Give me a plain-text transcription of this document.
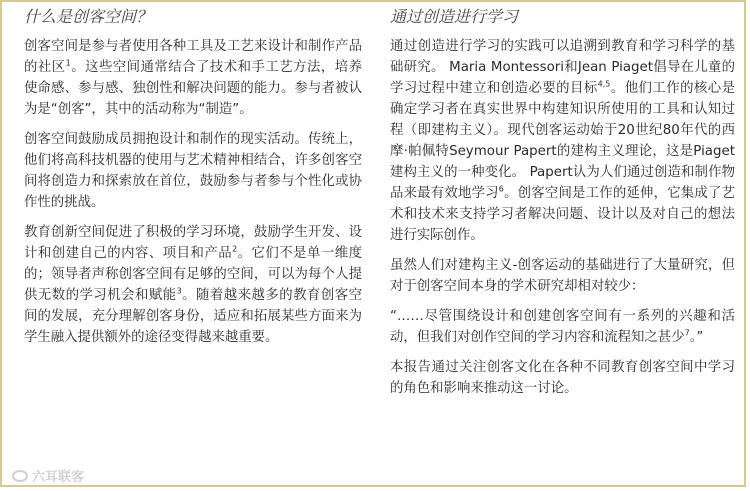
什么是创客空间？

创客空间是参与者使用各种工具及工艺来设计和制作产品的社区$^1$。这些空间通常结合了技术和手工艺方法，培养使命感、参与感、独创性和解决问题的能力。参与者被认为是“创客”，其中的活动称为“制造”。

创客空间鼓励成员拥抱设计和制作的现实活动。传统上，他们将高科技机器的使用与艺术精神相结合，许多创客空间将创造力和探索放在首位，鼓励参与者参与个性化或协作性的挑战。

教育创新空间促进了积极的学习环境，鼓励学生开发、设计和创建自己的内容、项目和产品$^2$。它们不是单一维度的；领导者声称创客空间有足够的空间，可以为每个人提供无数的学习机会和赋能$^3$。随着越来越多的教育创客空间的发展，充分理解创客身份，适应和拓展某些方面来为学生融入提供额外的途径变得越来越重要。

通过创造进行学习

通过创造进行学习的实践可以追溯到教育和学习科学的基础研究。 Maria Montessori和Jean Piaget倡导在儿童的学习过程中建立和创造必要的目标$^{4,5}$。他们工作的核心是确定学习者在真实世界中构建知识所使用的工具和认知过程（即建构主义）。现代创客运动始于20世纪80年代的西摩·帕佩特Seymour Papert的建构主义理论，这是Piaget建构主义的一种变化。 Papert认为人们通过创造和制作物品来最有效地学习$^6$。创客空间是工作的延伸，它集成了艺术和技术来支持学习者解决问题、设计以及对自己的想法进行实际创作。

虽然人们对建构主义-创客运动的基础进行了大量研究，但对于创客空间本身的学术研究却相对较少：

“……尽管围绕设计和创建创客空间有一系列的兴趣和活动，但我们对创作空间的学习内容和流程知之甚少$^7$。”

本报告通过关注创客文化在各种不同教育创客空间中学习的角色和影响来推动这一讨论。

六耳联客
